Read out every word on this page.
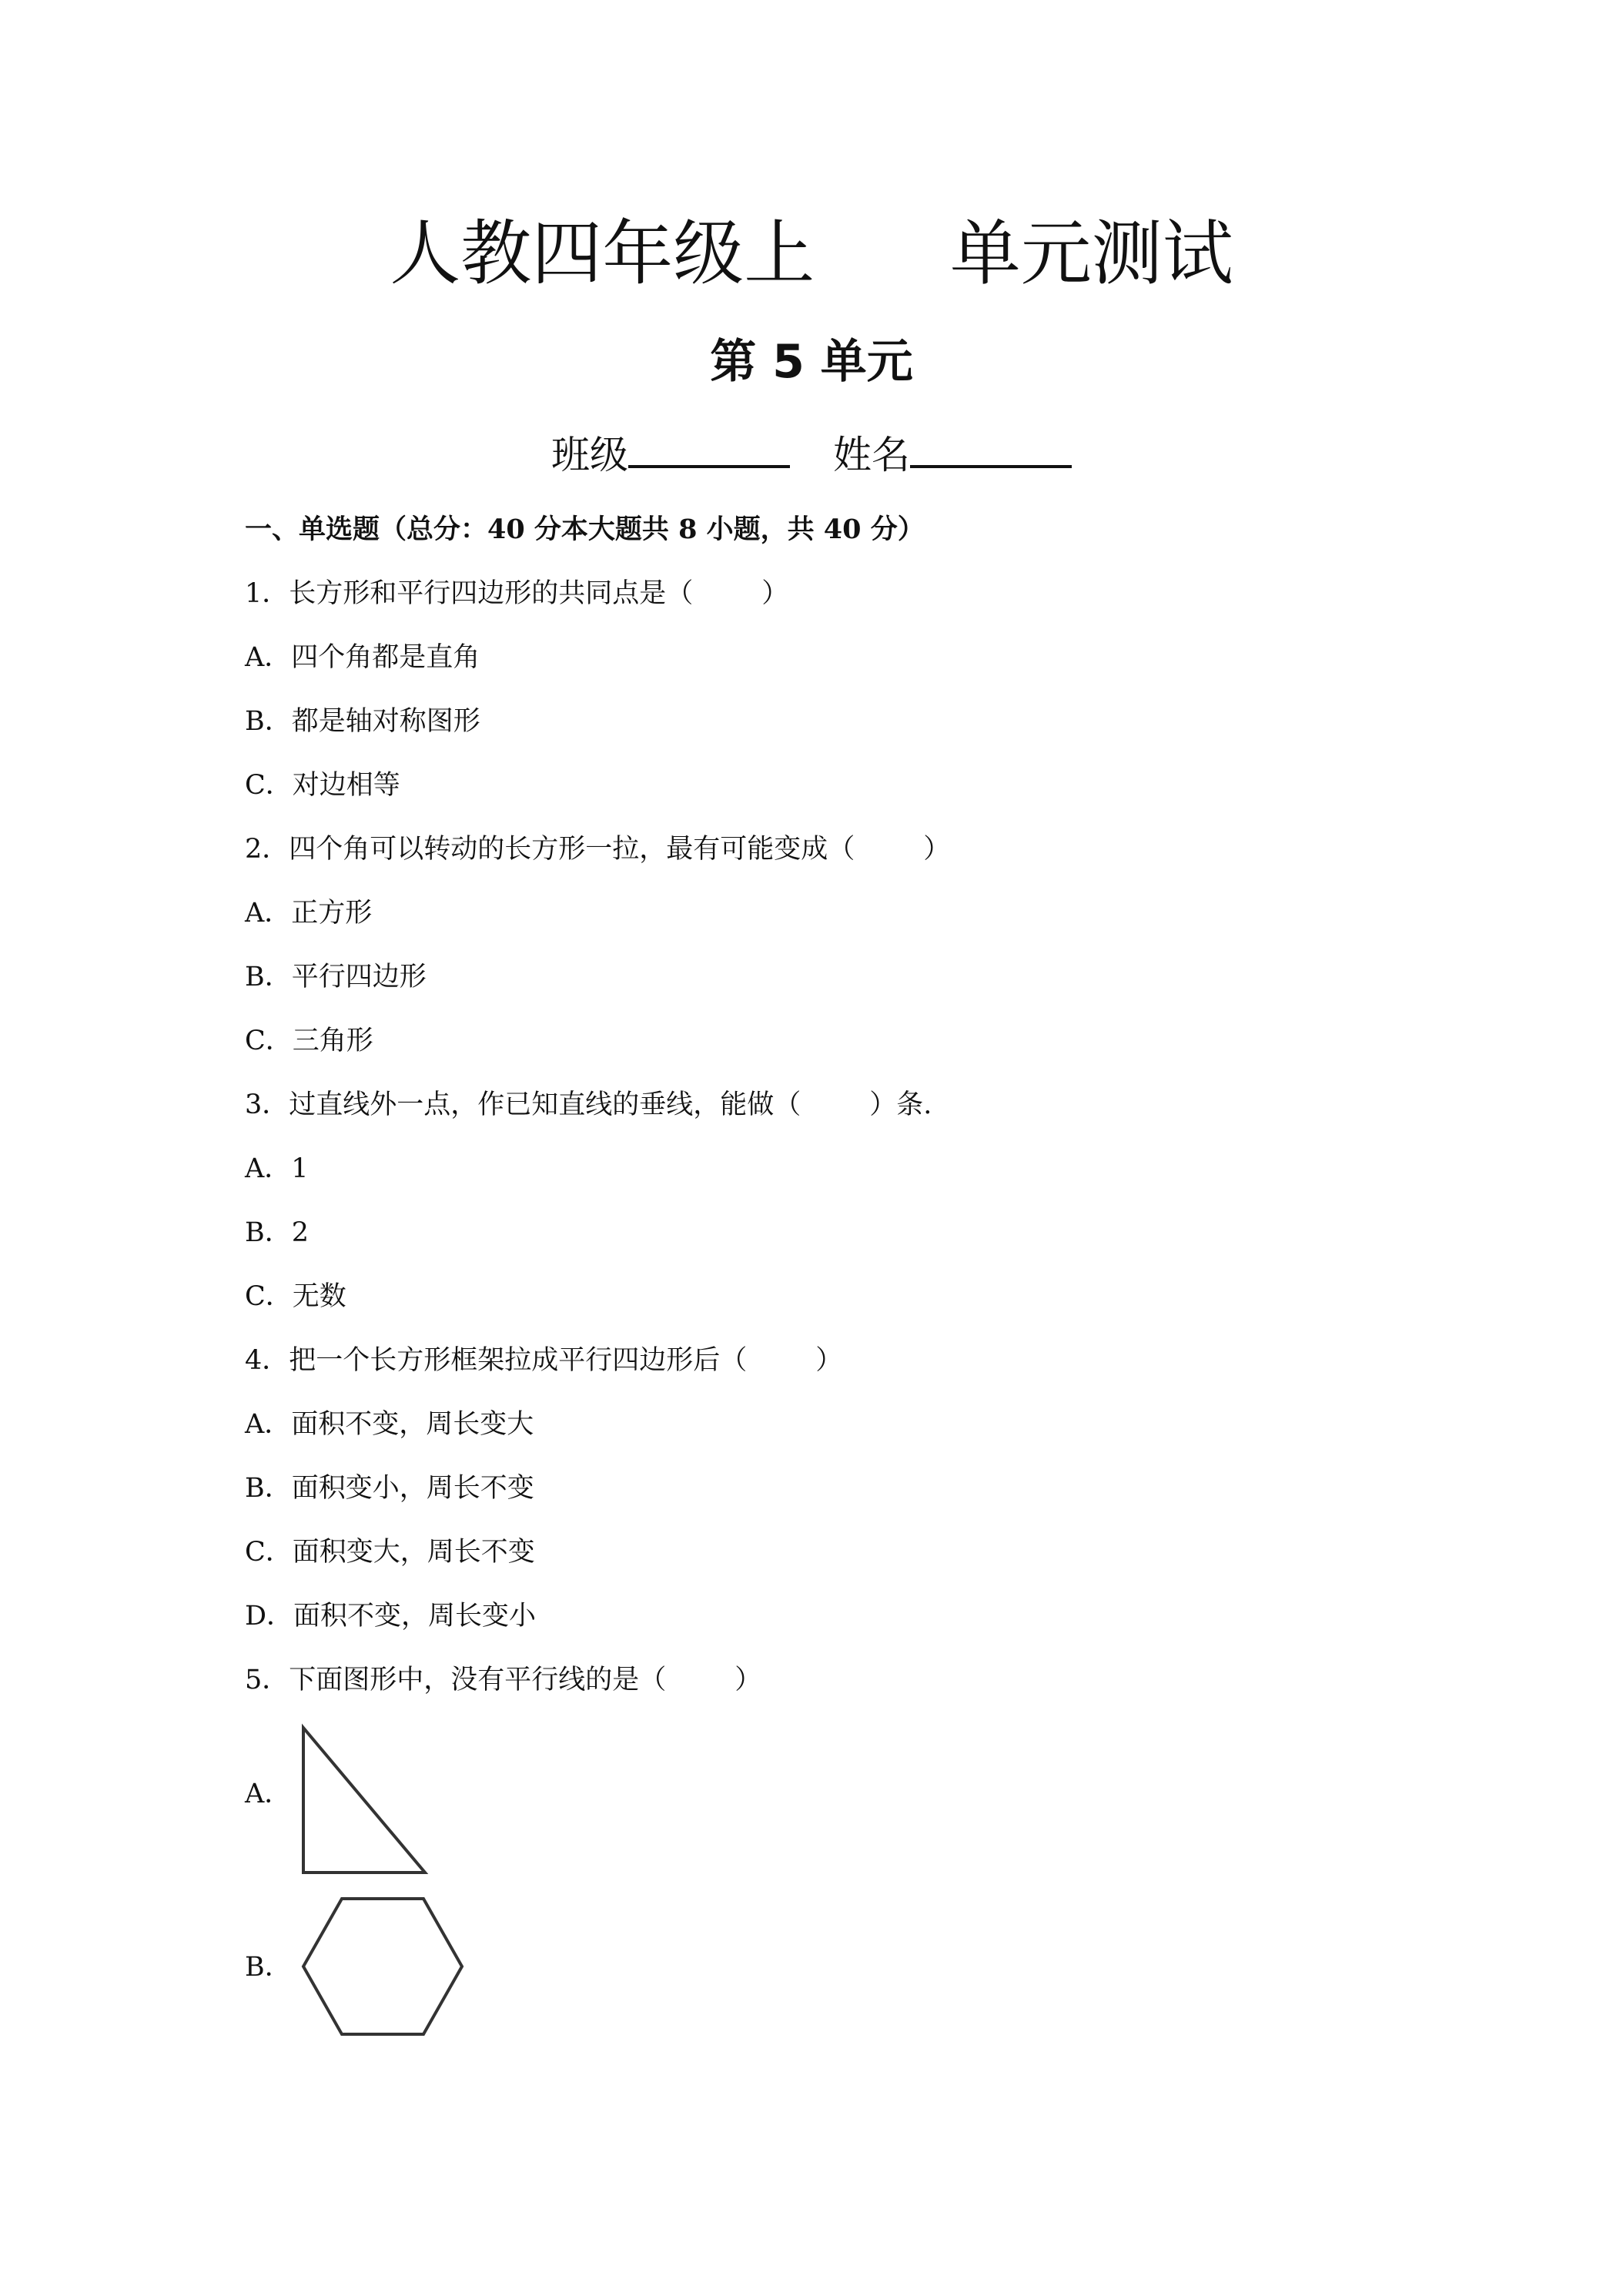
人教四年级上      单元测试
第 5 单元
班级	姓名
一、单选题（总分：40 分本大题共 8 小题，共 40 分）
1．长方形和平行四边形的共同点是（        ）
A．四个角都是直角
B．都是轴对称图形
C．对边相等
2．四个角可以转动的长方形一拉，最有可能变成（        ）
A．正方形
B．平行四边形
C．三角形
3．过直线外一点，作已知直线的垂线，能做（        ）条.
A．1
B．2
C．无数
4．把一个长方形框架拉成平行四边形后（        ）
A．面积不变，周长变大
B．面积变小，周长不变
C．面积变大，周长不变
D．面积不变，周长变小
5．下面图形中，没有平行线的是（        ）
A．
B．
